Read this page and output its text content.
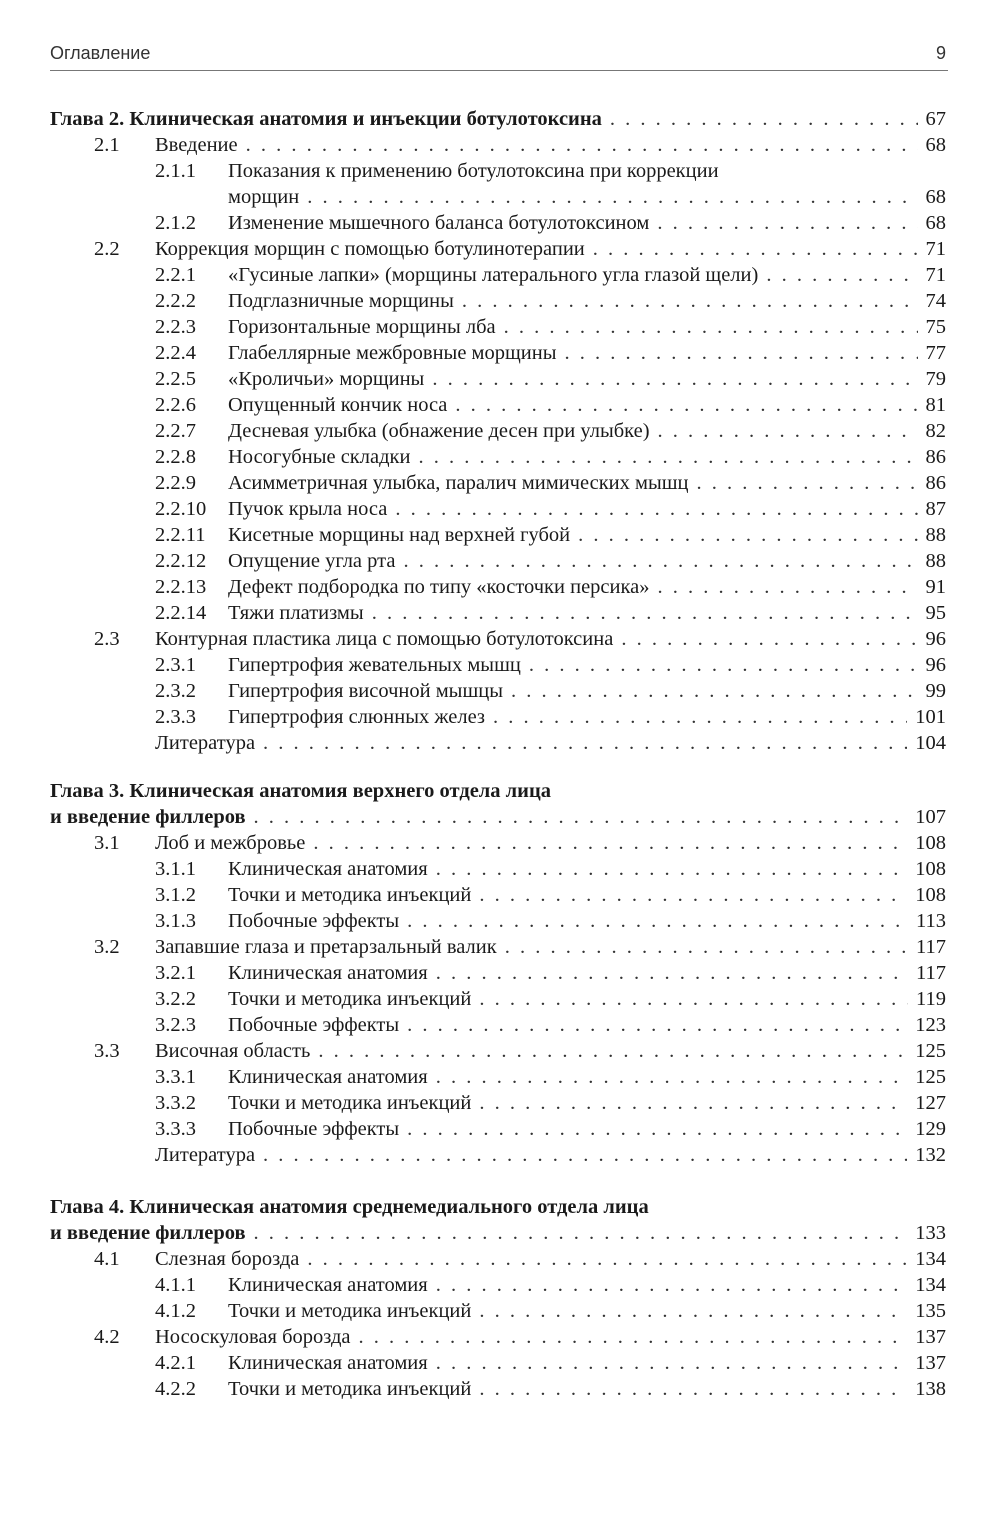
Оглавление	9
Глава 2. Клиническая анатомия и инъекции ботулотоксина . . .	67
2.1	Введение . . .	68
2.1.1	Показания к применению ботулотоксина при коррекции
морщин . . .	68
2.1.2	Изменение мышечного баланса ботулотоксином . . .	68
2.2	Коррекция морщин с помощью ботулинотерапии . . .	71
2.2.1	«Гусиные лапки» (морщины латерального угла глазой щели) . . .	71
2.2.2	Подглазничные морщины . . .	74
2.2.3	Горизонтальные морщины лба . . .	75
2.2.4	Глабеллярные межбровные морщины . . .	77
2.2.5	«Кроличьи» морщины . . .	79
2.2.6	Опущенный кончик носа . . .	81
2.2.7	Десневая улыбка (обнажение десен при улыбке) . . .	82
2.2.8	Носогубные складки . . .	86
2.2.9	Асимметричная улыбка, паралич мимических мышц . . .	86
2.2.10	Пучок крыла носа . . .	87
2.2.11	Кисетные морщины над верхней губой . . .	88
2.2.12	Опущение угла рта . . .	88
2.2.13	Дефект подбородка по типу «косточки персика» . . .	91
2.2.14	Тяжи платизмы . . .	95
2.3	Контурная пластика лица с помощью ботулотоксина . . .	96
2.3.1	Гипертрофия жевательных мышц . . .	96
2.3.2	Гипертрофия височной мышцы . . .	99
2.3.3	Гипертрофия слюнных желез . . .	101
Литература . . .	104
Глава 3. Клиническая анатомия верхнего отдела лица
и введение филлеров . . .	107
3.1	Лоб и межбровье . . .	108
3.1.1	Клиническая анатомия . . .	108
3.1.2	Точки и методика инъекций . . .	108
3.1.3	Побочные эффекты . . .	113
3.2	Запавшие глаза и претарзальный валик . . .	117
3.2.1	Клиническая анатомия . . .	117
3.2.2	Точки и методика инъекций . . .	119
3.2.3	Побочные эффекты . . .	123
3.3	Височная область . . .	125
3.3.1	Клиническая анатомия . . .	125
3.3.2	Точки и методика инъекций . . .	127
3.3.3	Побочные эффекты . . .	129
Литература . . .	132
Глава 4. Клиническая анатомия среднемедиального отдела лица
и введение филлеров . . .	133
4.1	Слезная борозда . . .	134
4.1.1	Клиническая анатомия . . .	134
4.1.2	Точки и методика инъекций . . .	135
4.2	Нососкуловая борозда . . .	137
4.2.1	Клиническая анатомия . . .	137
4.2.2	Точки и методика инъекций . . .	138
